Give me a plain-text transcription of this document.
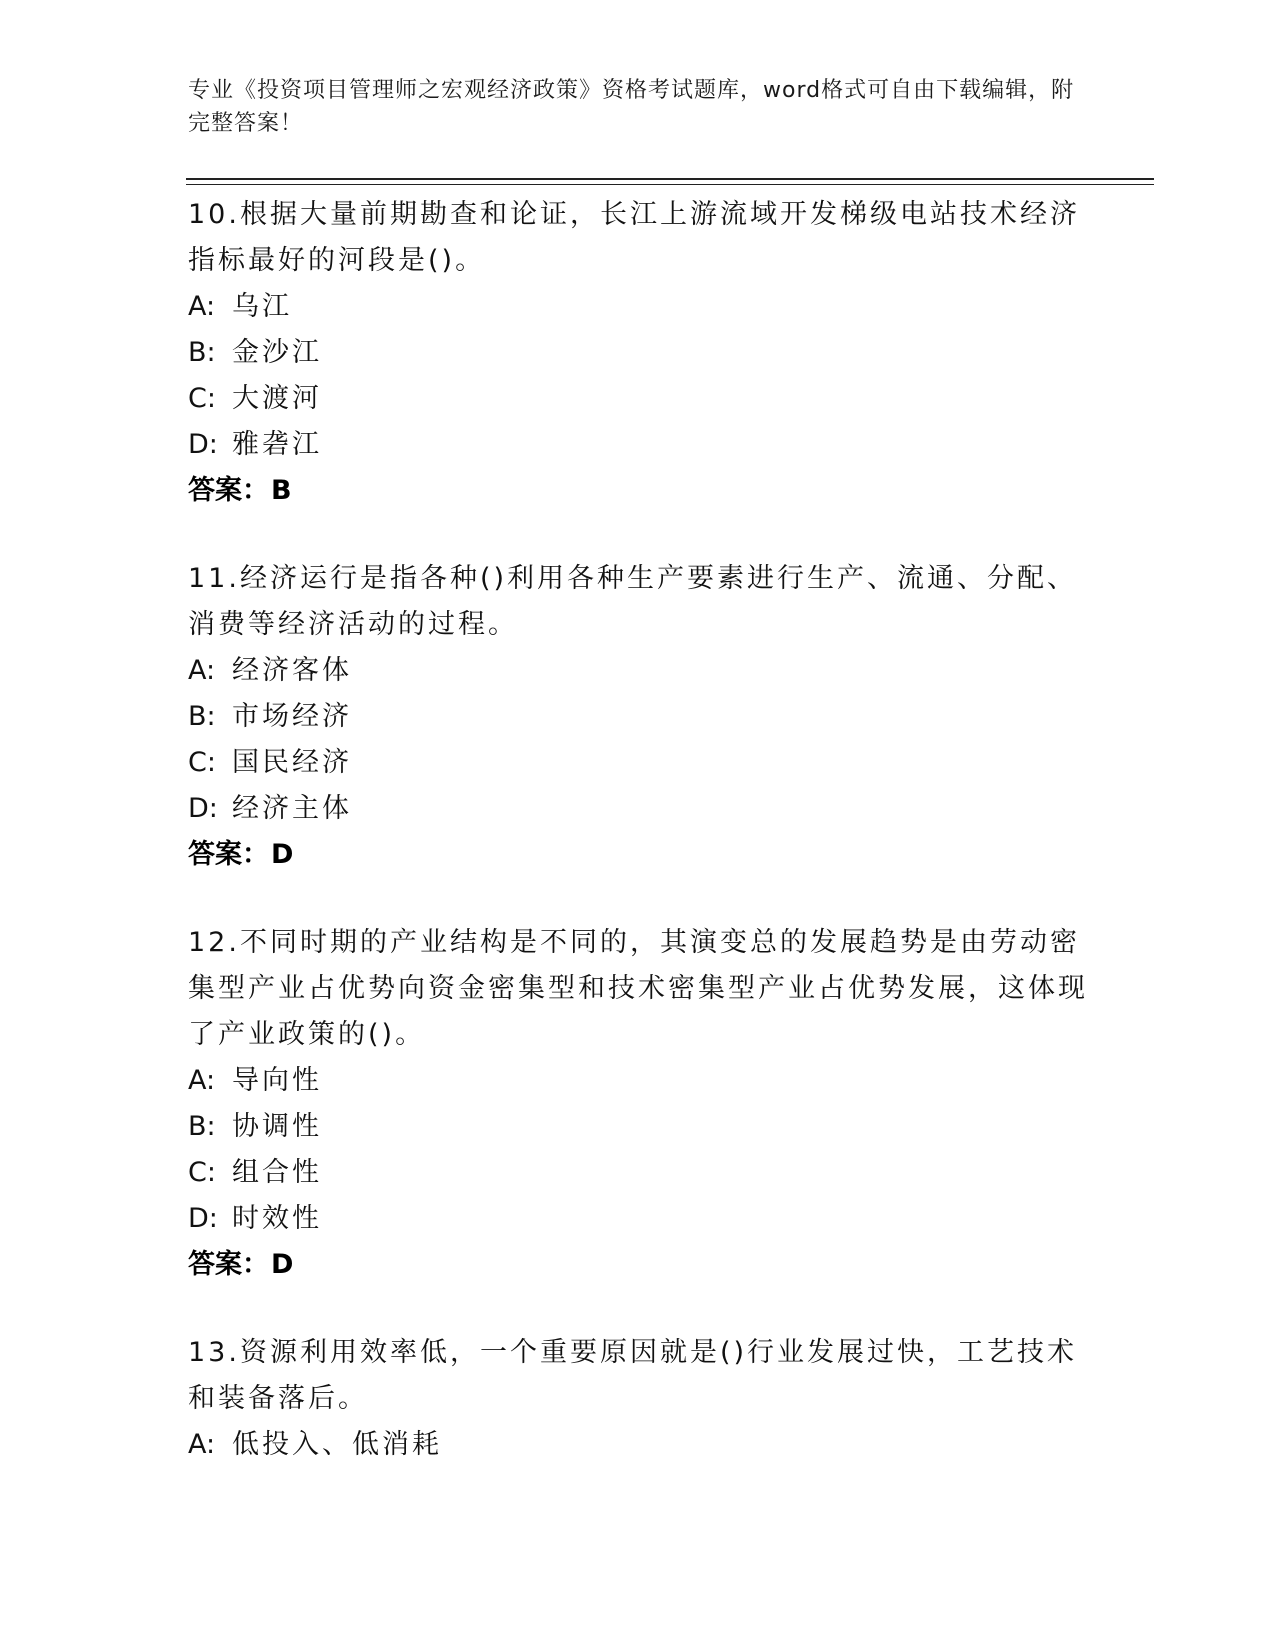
专业《投资项目管理师之宏观经济政策》资格考试题库，word格式可自由下载编辑，附完整答案！

10.根据大量前期勘查和论证，长江上游流域开发梯级电站技术经济指标最好的河段是()。

A: 乌江

B: 金沙江

C: 大渡河

D: 雅砻江

答案：B

11.经济运行是指各种()利用各种生产要素进行生产、流通、分配、消费等经济活动的过程。

A: 经济客体

B: 市场经济

C: 国民经济

D: 经济主体

答案：D

12.不同时期的产业结构是不同的，其演变总的发展趋势是由劳动密集型产业占优势向资金密集型和技术密集型产业占优势发展，这体现了产业政策的()。

A: 导向性

B: 协调性

C: 组合性

D: 时效性

答案：D

13.资源利用效率低，一个重要原因就是()行业发展过快，工艺技术和装备落后。

A: 低投入、低消耗
